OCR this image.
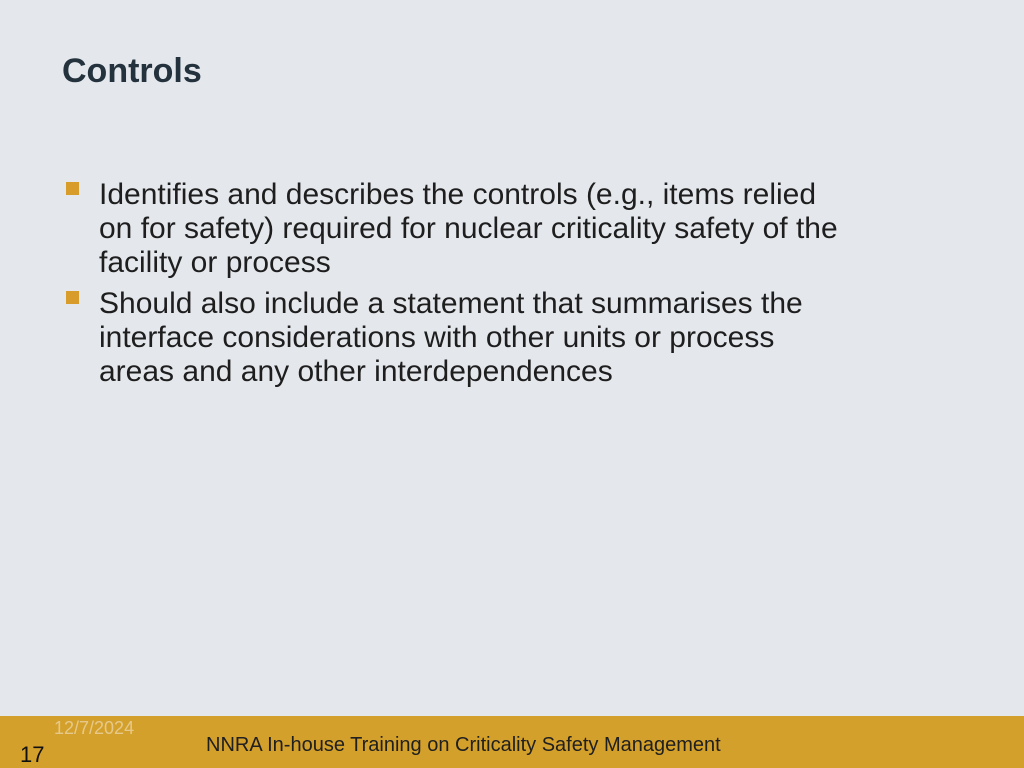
Controls
Identifies and describes the controls (e.g., items relied
on for safety) required for nuclear criticality safety of the
facility or process
Should also include a statement that summarises the
interface considerations with other units or process
areas and any other interdependences
12/7/2024
NNRA In-house Training on Criticality Safety Management
17
